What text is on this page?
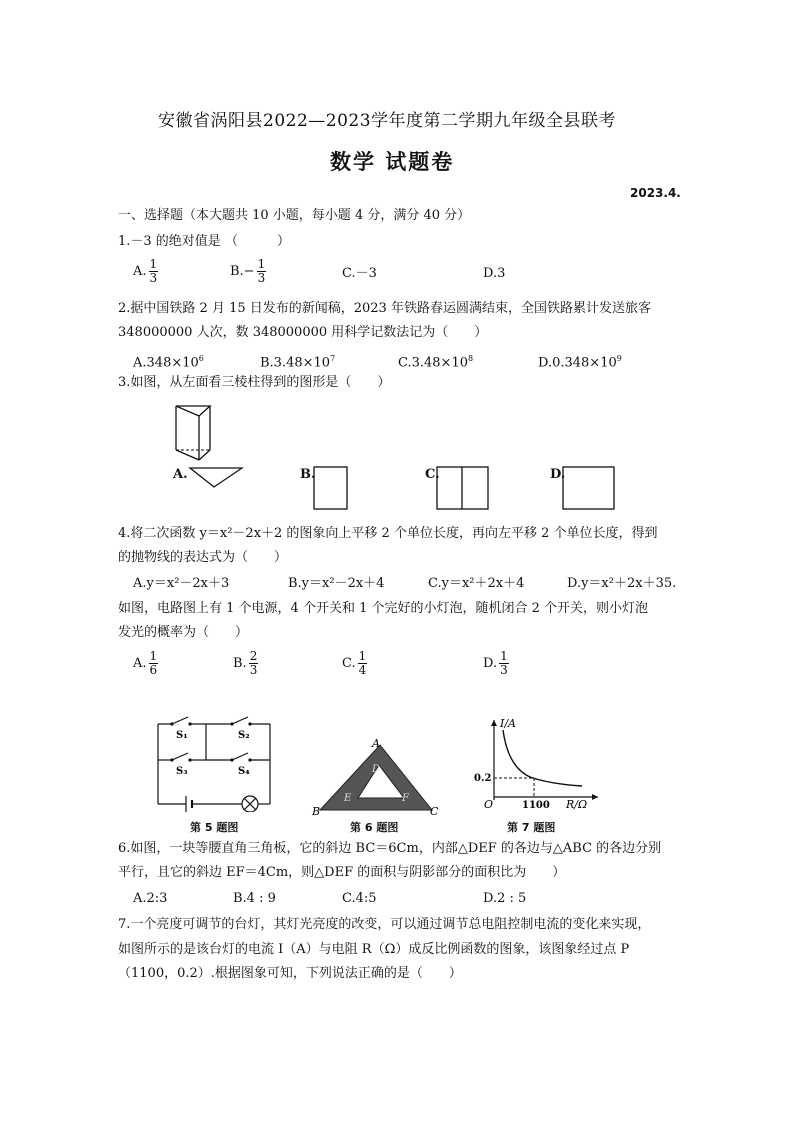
安徽省涡阳县2022—2023学年度第二学期九年级全县联考
数学 试题卷
2023.4.
一、选择题（本大题共 10 小题，每小题 4 分，满分 40 分）
1.－3 的绝对值是 （　　　）
A. $\frac{1}{3}$	$B.- \frac{1}{3}$	C.－3	D.3
2.据中国铁路 2 月 15 日发布的新闻稿，2023 年铁路春运圆满结束，全国铁路累计发送旅客
348000000 人次，数 348000000 用科学记数法记为（　　）
$A.348\times 10^6$	$B.3.48\times 10^7$	$C.3.48\times 10^8$	$D.0.348\times 10^9$
3.如图，从左面看三棱柱得到的图形是（　　）
A.	B.	C.	D.
4.将二次函数 y＝x²－2x＋2 的图象向上平移 2 个单位长度，再向左平移 2 个单位长度，得到
的抛物线的表达式为（　　）
A.y＝x²－2x＋3	B.y＝x²－2x＋4	C.y＝x²＋2x＋4	D.y＝x²＋2x＋35.
如图，电路图上有 1 个电源，4 个开关和 1 个完好的小灯泡，随机闭合 2 个开关，则小灯泡
发光的概率为（　　）
A. $\frac{1}{6}$	B. $\frac{2}{3}$	C. $\frac{1}{4}$	D. $\frac{1}{3}$
S₁	S₂
S₃	S₄
第 5 题图
A
B	C
D
E	F
第 6 题图
I/A
R/Ω
O
0.2
1100
第 7 题图
6.如图，一块等腰直角三角板，它的斜边 BC＝6Cm，内部△DEF 的各边与△ABC 的各边分别
平行，且它的斜边 EF＝4Cm，则△DEF 的面积与阴影部分的面积比为　　）
A.2:3	B.4 : 9	C.4:5	D.2 : 5
7.一个亮度可调节的台灯，其灯光亮度的改变，可以通过调节总电阻控制电流的变化来实现，
如图所示的是该台灯的电流 I（A）与电阻 R（Ω）成反比例函数的图象，该图象经过点 P
（1100，0.2）.根据图象可知，下列说法正确的是（　　）
